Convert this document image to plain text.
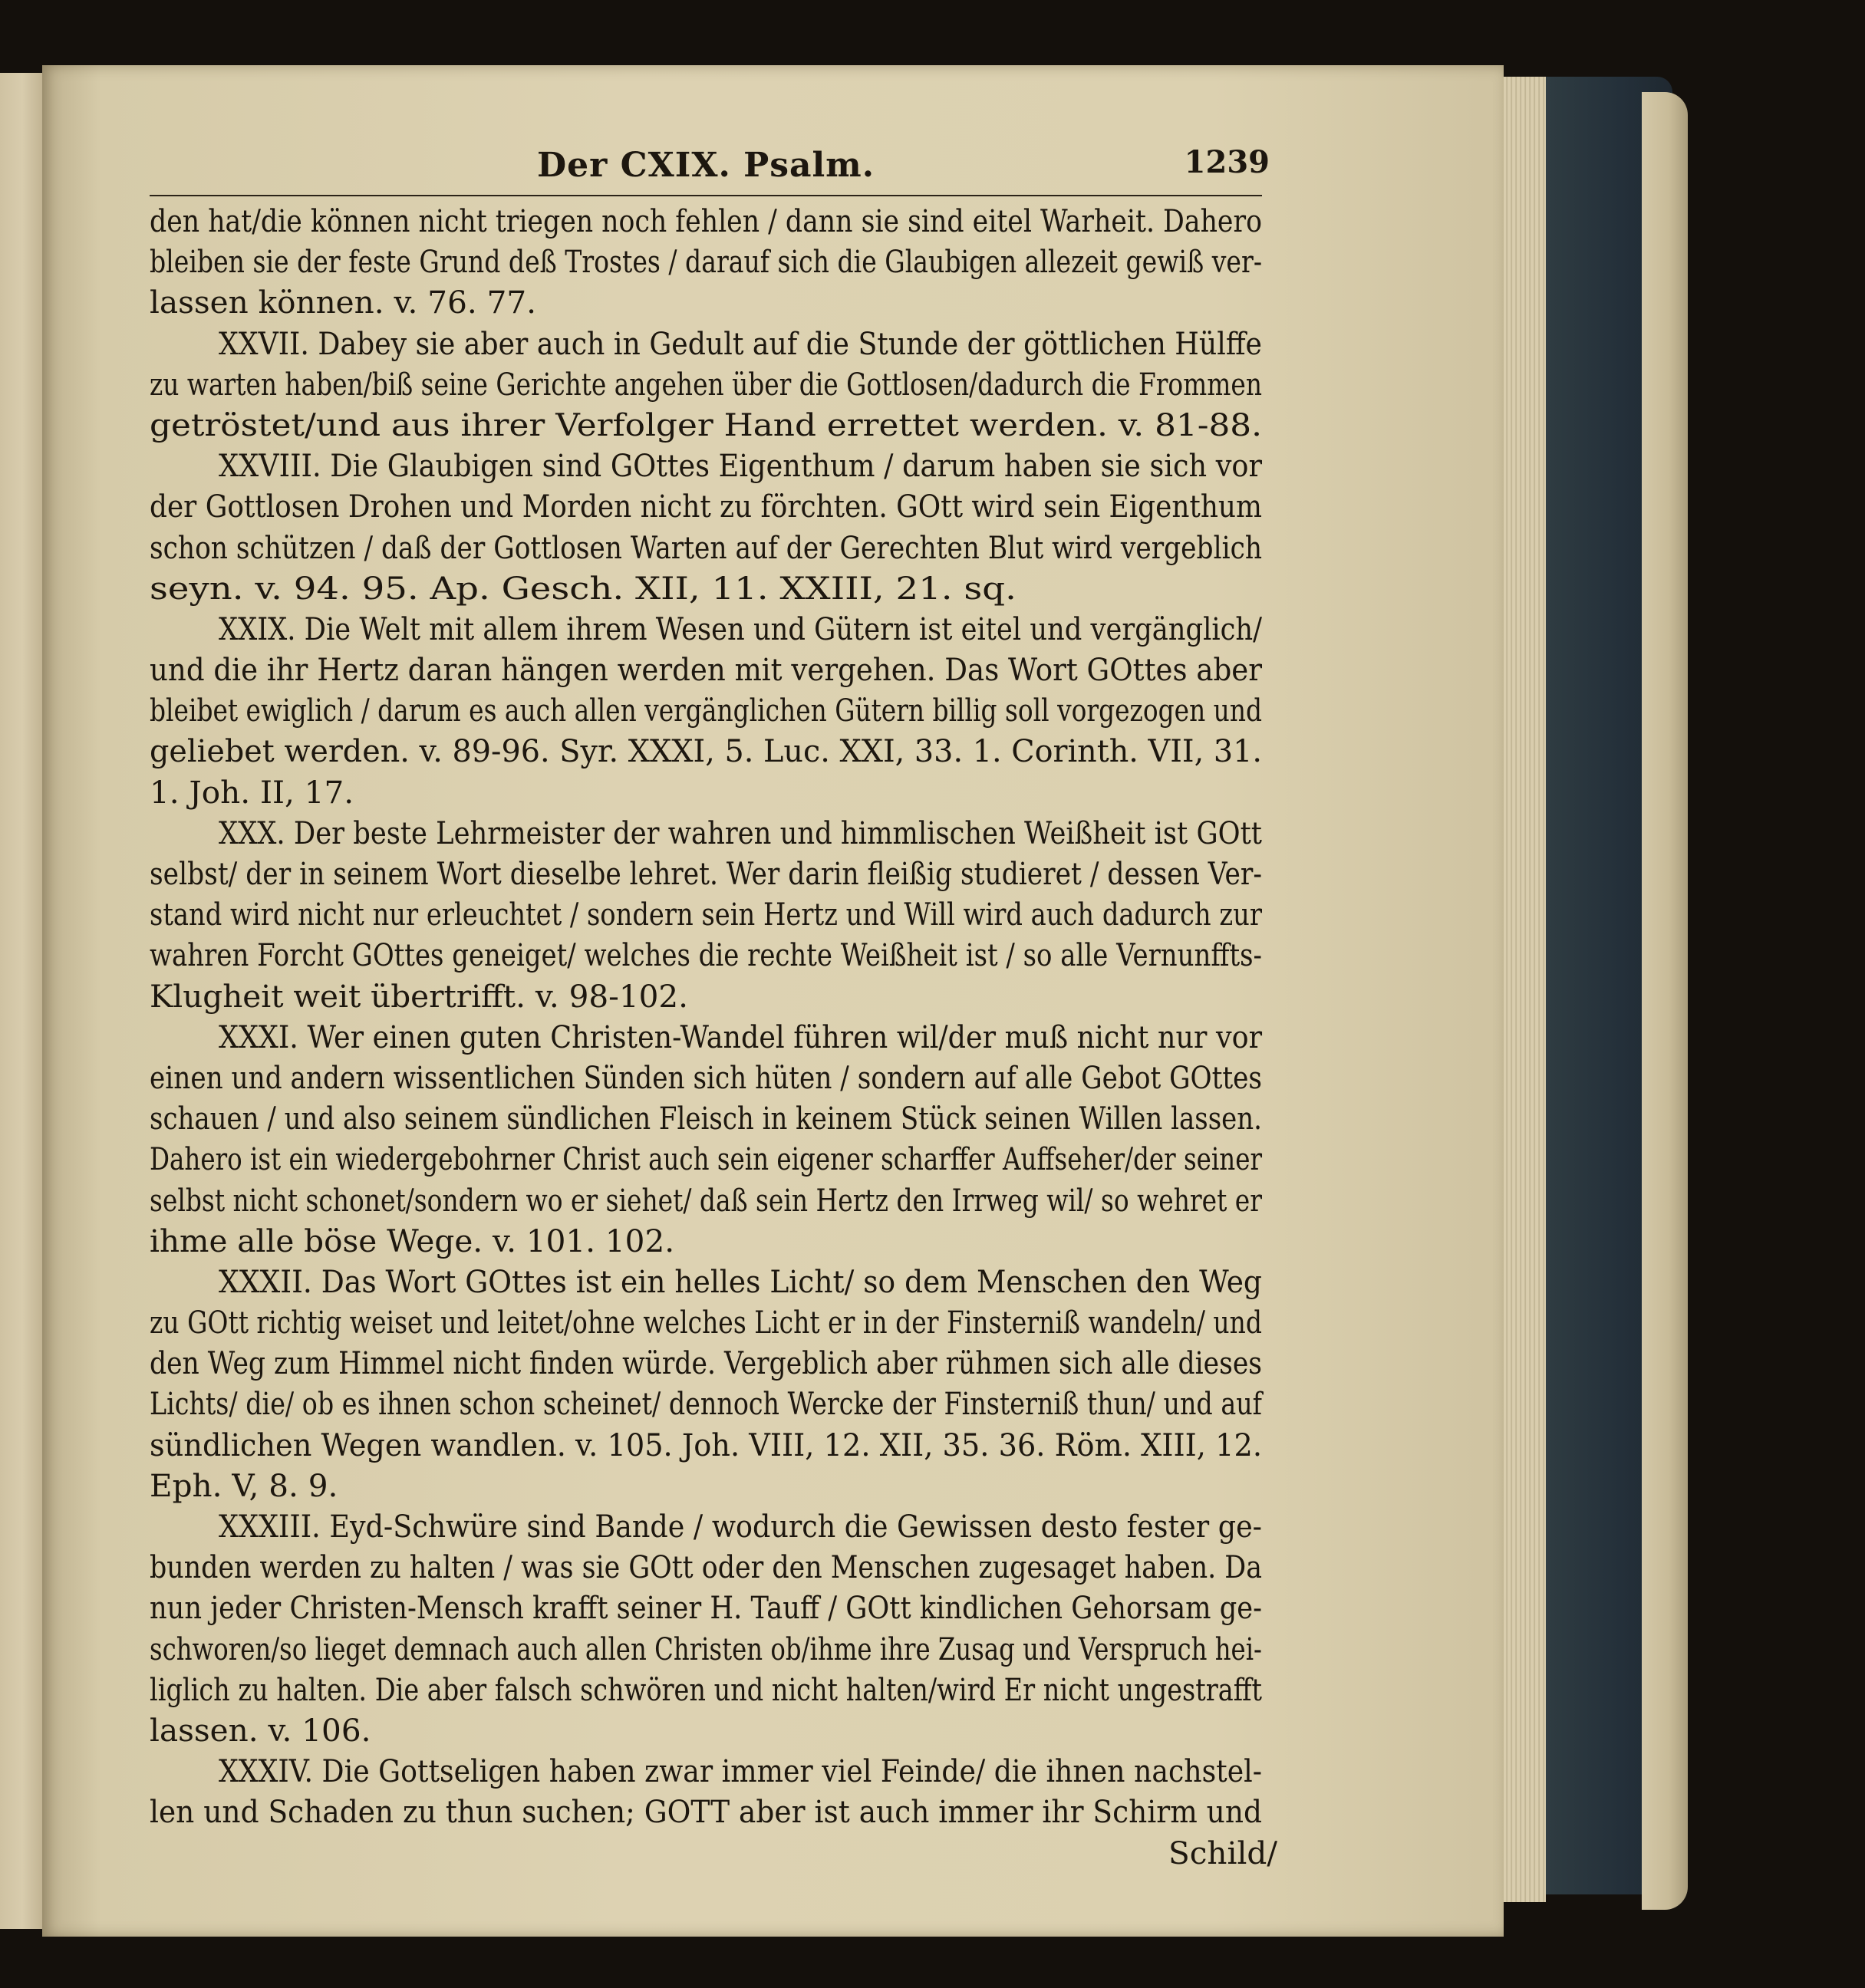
Der CXIX. Psalm.	1239
den hat/die können nicht triegen noch fehlen / dann sie sind eitel Warheit. Dahero
bleiben sie der feste Grund deß Trostes / darauf sich die Glaubigen allezeit gewiß ver-
lassen können. v. 76. 77.
XXVII. Dabey sie aber auch in Gedult auf die Stunde der göttlichen Hülffe
zu warten haben/biß seine Gerichte angehen über die Gottlosen/dadurch die Frommen
getröstet/und aus ihrer Verfolger Hand errettet werden. v. 81-88.
XXVIII. Die Glaubigen sind GOttes Eigenthum / darum haben sie sich vor
der Gottlosen Drohen und Morden nicht zu förchten. GOtt wird sein Eigenthum
schon schützen / daß der Gottlosen Warten auf der Gerechten Blut wird vergeblich
seyn. v. 94. 95. Ap. Gesch. XII, 11. XXIII, 21. sq.
XXIX. Die Welt mit allem ihrem Wesen und Gütern ist eitel und vergänglich/
und die ihr Hertz daran hängen werden mit vergehen. Das Wort GOttes aber
bleibet ewiglich / darum es auch allen vergänglichen Gütern billig soll vorgezogen und
geliebet werden. v. 89-96. Syr. XXXI, 5. Luc. XXI, 33. 1. Corinth. VII, 31.
1. Joh. II, 17.
XXX. Der beste Lehrmeister der wahren und himmlischen Weißheit ist GOtt
selbst/ der in seinem Wort dieselbe lehret. Wer darin fleißig studieret / dessen Ver-
stand wird nicht nur erleuchtet / sondern sein Hertz und Will wird auch dadurch zur
wahren Forcht GOttes geneiget/ welches die rechte Weißheit ist / so alle Vernunffts-
Klugheit weit übertrifft. v. 98-102.
XXXI. Wer einen guten Christen-Wandel führen wil/der muß nicht nur vor
einen und andern wissentlichen Sünden sich hüten / sondern auf alle Gebot GOttes
schauen / und also seinem sündlichen Fleisch in keinem Stück seinen Willen lassen.
Dahero ist ein wiedergebohrner Christ auch sein eigener scharffer Auffseher/der seiner
selbst nicht schonet/sondern wo er siehet/ daß sein Hertz den Irrweg wil/ so wehret er
ihme alle böse Wege. v. 101. 102.
XXXII. Das Wort GOttes ist ein helles Licht/ so dem Menschen den Weg
zu GOtt richtig weiset und leitet/ohne welches Licht er in der Finsterniß wandeln/ und
den Weg zum Himmel nicht finden würde. Vergeblich aber rühmen sich alle dieses
Lichts/ die/ ob es ihnen schon scheinet/ dennoch Wercke der Finsterniß thun/ und auf
sündlichen Wegen wandlen. v. 105. Joh. VIII, 12. XII, 35. 36. Röm. XIII, 12.
Eph. V, 8. 9.
XXXIII. Eyd-Schwüre sind Bande / wodurch die Gewissen desto fester ge-
bunden werden zu halten / was sie GOtt oder den Menschen zugesaget haben. Da
nun jeder Christen-Mensch krafft seiner H. Tauff / GOtt kindlichen Gehorsam ge-
schworen/so lieget demnach auch allen Christen ob/ihme ihre Zusag und Verspruch hei-
liglich zu halten. Die aber falsch schwören und nicht halten/wird Er nicht ungestrafft
lassen. v. 106.
XXXIV. Die Gottseligen haben zwar immer viel Feinde/ die ihnen nachstel-
len und Schaden zu thun suchen; GOTT aber ist auch immer ihr Schirm und
Schild/
